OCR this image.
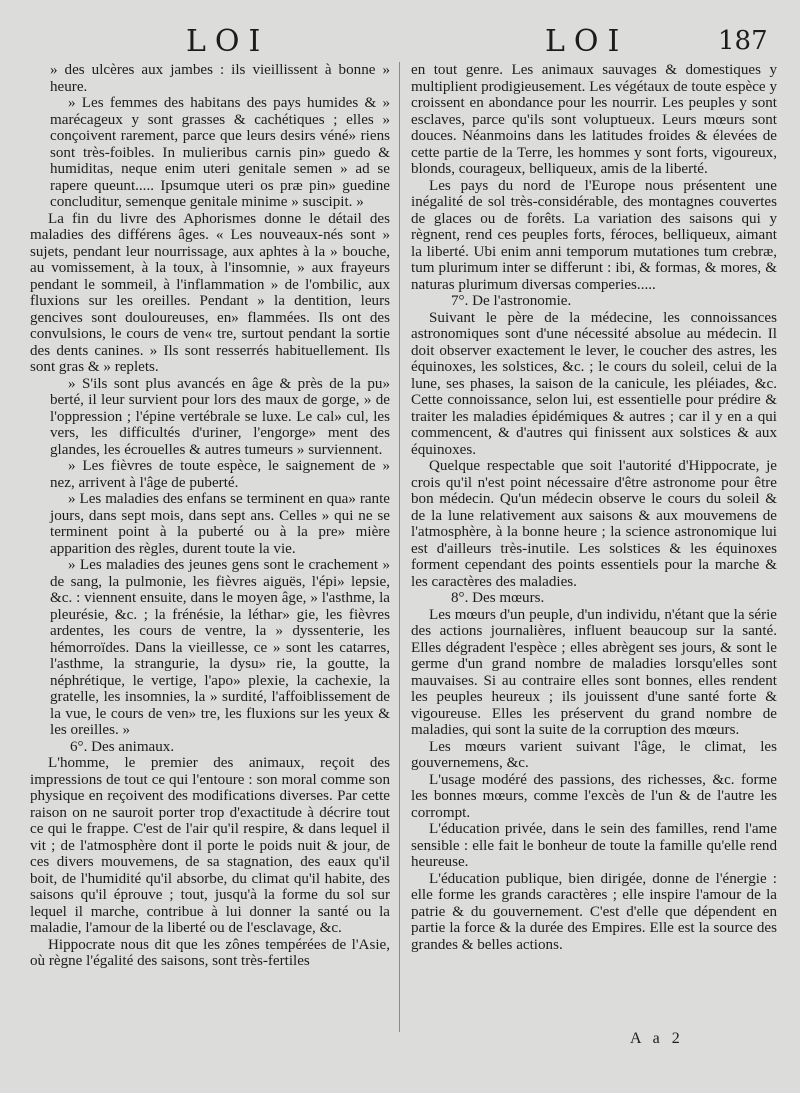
LOI	LOI	187

» des ulcères aux jambes : ils vieillissent à bonne » heure.

» Les femmes des habitans des pays humides & » marécageux y sont grasses & cachétiques ; elles » conçoivent rarement, parce que leurs desirs véné» riens sont très-foibles. In mulieribus carnis pin» guedo & humiditas, neque enim uteri genitale semen » ad se rapere queunt..... Ipsumque uteri os præ pin» guedine concluditur, semenque genitale minime » suscipit. »

La fin du livre des Aphorismes donne le détail des maladies des différens âges. « Les nouveaux-nés sont » sujets, pendant leur nourrissage, aux aphtes à la » bouche, au vomissement, à la toux, à l'insomnie, » aux frayeurs pendant le sommeil, à l'inflammation » de l'ombilic, aux fluxions sur les oreilles. Pendant » la dentition, leurs gencives sont douloureuses, en» flammées. Ils ont des convulsions, le cours de ven« tre, surtout pendant la sortie des dents canines. » Ils sont resserrés habituellement. Ils sont gras & » replets.

» S'ils sont plus avancés en âge & près de la pu» berté, il leur survient pour lors des maux de gorge, » de l'oppression ; l'épine vertébrale se luxe. Le cal» cul, les vers, les difficultés d'uriner, l'engorge» ment des glandes, les écrouelles & autres tumeurs » surviennent.

» Les fièvres de toute espèce, le saignement de » nez, arrivent à l'âge de puberté.

» Les maladies des enfans se terminent en qua» rante jours, dans sept mois, dans sept ans. Celles » qui ne se terminent point à la puberté ou à la pre» mière apparition des règles, durent toute la vie.

» Les maladies des jeunes gens sont le crachement » de sang, la pulmonie, les fièvres aiguës, l'épi» lepsie, &c. : viennent ensuite, dans le moyen âge, » l'asthme, la pleurésie, &c. ; la frénésie, la léthar» gie, les fièvres ardentes, les cours de ventre, la » dyssenterie, les hémorroïdes. Dans la vieillesse, ce » sont les catarres, l'asthme, la strangurie, la dysu» rie, la goutte, la néphrétique, le vertige, l'apo» plexie, la cachexie, la gratelle, les insomnies, la » surdité, l'affoiblissement de la vue, le cours de ven» tre, les fluxions sur les yeux & les oreilles. »

6°. Des animaux.

L'homme, le premier des animaux, reçoit des impressions de tout ce qui l'entoure : son moral comme son physique en reçoivent des modifications diverses. Par cette raison on ne sauroit porter trop d'exactitude à décrire tout ce qui le frappe. C'est de l'air qu'il respire, & dans lequel il vit ; de l'atmosphère dont il porte le poids nuit & jour, de ces divers mouvemens, de sa stagnation, des eaux qu'il boit, de l'humidité qu'il absorbe, du climat qu'il habite, des saisons qu'il éprouve ; tout, jusqu'à la forme du sol sur lequel il marche, contribue à lui donner la santé ou la maladie, l'amour de la liberté ou de l'esclavage, &c.

Hippocrate nous dit que les zônes tempérées de l'Asie, où règne l'égalité des saisons, sont très-fertiles

en tout genre. Les animaux sauvages & domestiques y multiplient prodigieusement. Les végétaux de toute espèce y croissent en abondance pour les nourrir. Les peuples y sont esclaves, parce qu'ils sont voluptueux. Leurs mœurs sont douces. Néanmoins dans les latitudes froides & élevées de cette partie de la Terre, les hommes y sont forts, vigoureux, blonds, courageux, belliqueux, amis de la liberté.

Les pays du nord de l'Europe nous présentent une inégalité de sol très-considérable, des montagnes couvertes de glaces ou de forêts. La variation des saisons qui y règnent, rend ces peuples forts, féroces, belliqueux, aimant la liberté. Ubi enim anni temporum mutationes tum crebræ, tum plurimum inter se differunt : ibi, & formas, & mores, & naturas plurimum diversas comperies.....

7°. De l'astronomie.

Suivant le père de la médecine, les connoissances astronomiques sont d'une nécessité absolue au médecin. Il doit observer exactement le lever, le coucher des astres, les équinoxes, les solstices, &c. ; le cours du soleil, celui de la lune, ses phases, la saison de la canicule, les pléiades, &c. Cette connoissance, selon lui, est essentielle pour prédire & traiter les maladies épidémiques & autres ; car il y en a qui commencent, & d'autres qui finissent aux solstices & aux équinoxes.

Quelque respectable que soit l'autorité d'Hippocrate, je crois qu'il n'est point nécessaire d'être astronome pour être bon médecin. Qu'un médecin observe le cours du soleil & de la lune relativement aux saisons & aux mouvemens de l'atmosphère, à la bonne heure ; la science astronomique lui est d'ailleurs très-inutile. Les solstices & les équinoxes forment cependant des points essentiels pour la marche & les caractères des maladies.

8°. Des mœurs.

Les mœurs d'un peuple, d'un individu, n'étant que la série des actions journalières, influent beaucoup sur la santé. Elles dégradent l'espèce ; elles abrègent ses jours, & sont le germe d'un grand nombre de maladies lorsqu'elles sont mauvaises. Si au contraire elles sont bonnes, elles rendent les peuples heureux ; ils jouissent d'une santé forte & vigoureuse. Elles les préservent du grand nombre de maladies, qui sont la suite de la corruption des mœurs.

Les mœurs varient suivant l'âge, le climat, les gouvernemens, &c.

L'usage modéré des passions, des richesses, &c. forme les bonnes mœurs, comme l'excès de l'un & de l'autre les corrompt.

L'éducation privée, dans le sein des familles, rend l'ame sensible : elle fait le bonheur de toute la famille qu'elle rend heureuse.

L'éducation publique, bien dirigée, donne de l'énergie : elle forme les grands caractères ; elle inspire l'amour de la patrie & du gouvernement. C'est d'elle que dépendent en partie la force & la durée des Empires. Elle est la source des grandes & belles actions.

A a 2
